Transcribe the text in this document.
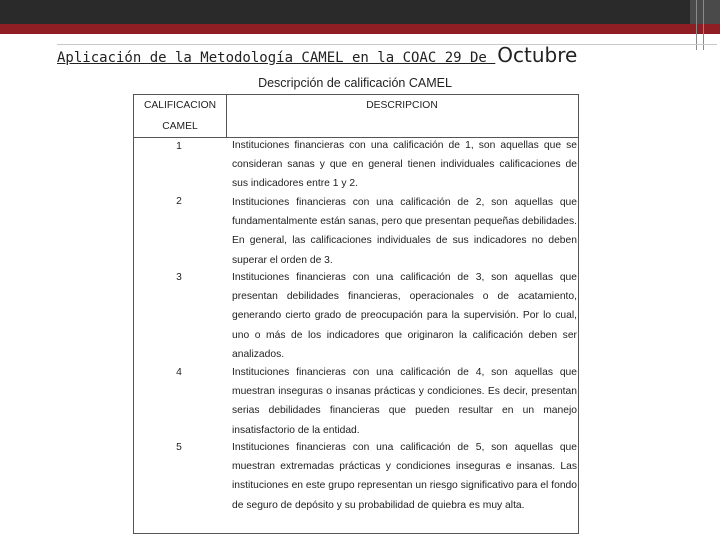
Aplicación de la Metodología CAMEL en la COAC 29 De Octubre
Descripción de calificación CAMEL
CALIFICACION
CAMEL
DESCRIPCION
1	Instituciones financieras con una calificación de 1, son aquellas que se consideran sanas y que en general tienen individuales calificaciones de sus indicadores entre 1 y 2.
2	Instituciones financieras con una calificación de 2, son aquellas que fundamentalmente están sanas, pero que presentan pequeñas debilidades. En general, las calificaciones individuales de sus indicadores no deben superar el orden de 3.
3	Instituciones financieras con una calificación de 3, son aquellas que presentan debilidades financieras, operacionales o de acatamiento, generando cierto grado de preocupación para la supervisión. Por lo cual, uno o más de los indicadores que originaron la calificación deben ser analizados.
4	Instituciones financieras con una calificación de 4, son aquellas que muestran inseguras o insanas prácticas y condiciones. Es decir, presentan serias debilidades financieras que pueden resultar en un manejo insatisfactorio de la entidad.
5	Instituciones financieras con una calificación de 5, son aquellas que muestran extremadas prácticas y condiciones inseguras e insanas. Las instituciones en este grupo representan un riesgo significativo para el fondo de seguro de depósito y su probabilidad de quiebra es muy alta.
